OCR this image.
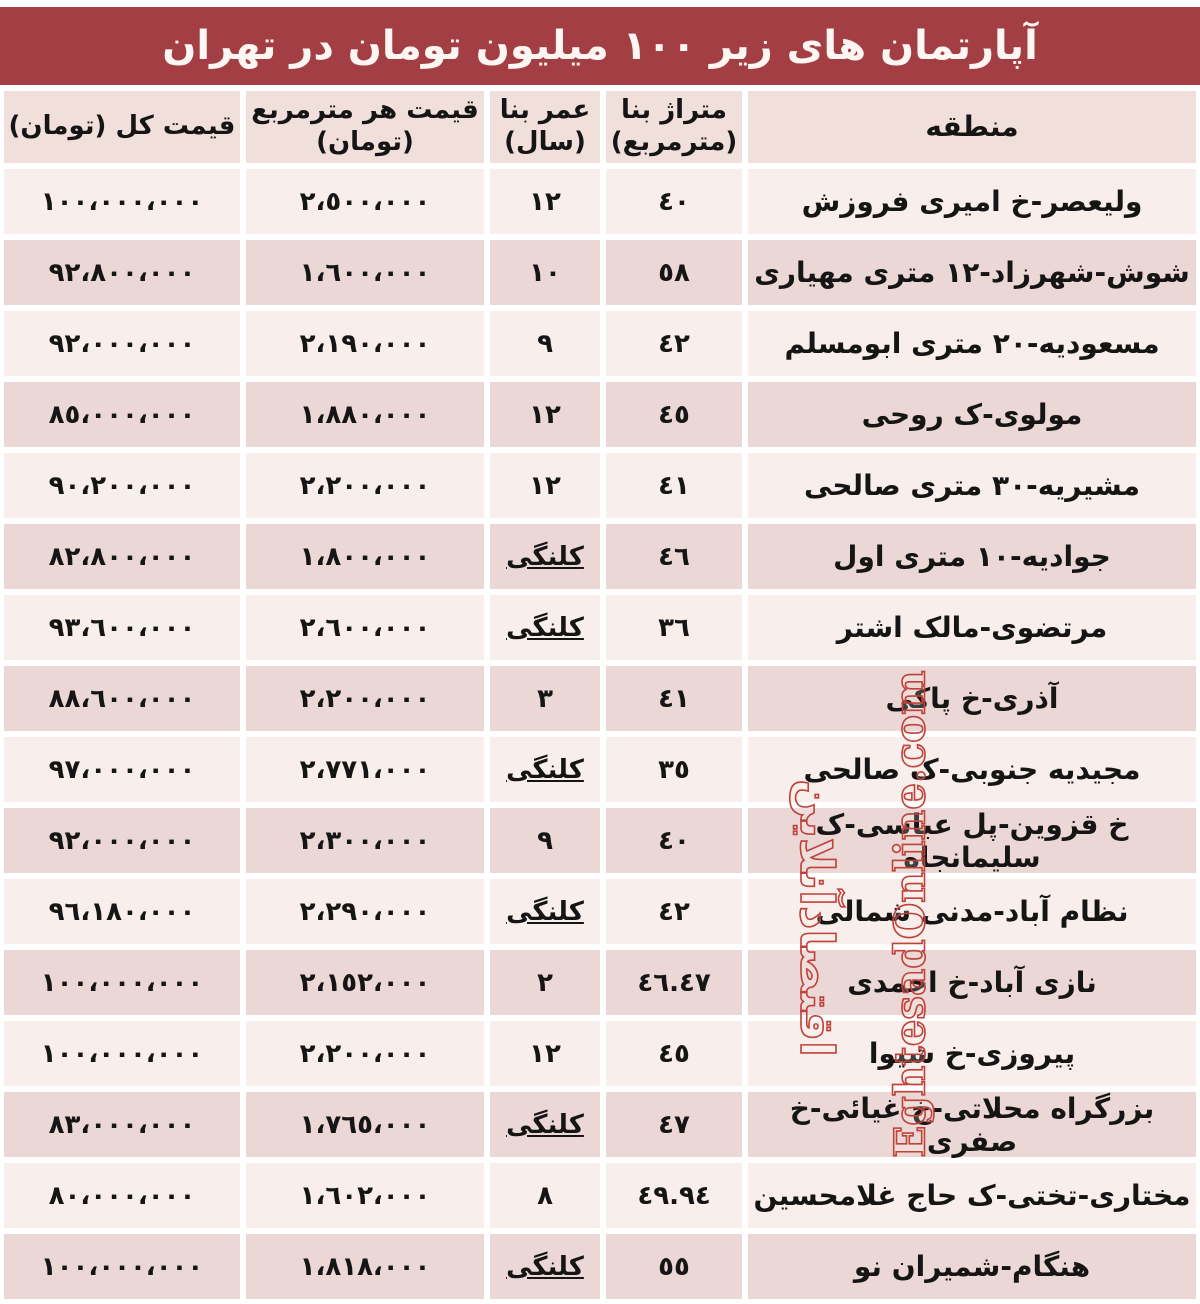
آپارتمان های زیر ١٠٠ میلیون تومان در تهران
منطقه
متراژ بنا
(مترمربع)
عمر بنا
(سال)
قیمت هر مترمربع
(تومان)
قیمت کل (تومان)
ولیعصر-خ امیری فروزش
٤٠
١٢
٢،٥٠٠،٠٠٠
١٠٠،٠٠٠،٠٠٠
شوش-شهرزاد-١٢ متری مهیاری
٥٨
١٠
١،٦٠٠،٠٠٠
٩٢،٨٠٠،٠٠٠
مسعودیه-٢٠ متری ابومسلم
٤٢
٩
٢،١٩٠،٠٠٠
٩٢،٠٠٠،٠٠٠
مولوی-ک روحی
٤٥
١٢
١،٨٨٠،٠٠٠
٨٥،٠٠٠،٠٠٠
مشیریه-٣٠ متری صالحی
٤١
١٢
٢،٢٠٠،٠٠٠
٩٠،٢٠٠،٠٠٠
جوادیه-١٠ متری اول
٤٦
کلنگی
١،٨٠٠،٠٠٠
٨٢،٨٠٠،٠٠٠
مرتضوی-مالک اشتر
٣٦
کلنگی
٢،٦٠٠،٠٠٠
٩٣،٦٠٠،٠٠٠
آذری-خ پاکی
٤١
٣
٢،٢٠٠،٠٠٠
٨٨،٦٠٠،٠٠٠
مجیدیه جنوبی-ک صالحی
٣٥
کلنگی
٢،٧٧١،٠٠٠
٩٧،٠٠٠،٠٠٠
خ قزوین-پل عباسی-ک سلیمانجاه
٤٠
٩
٢،٣٠٠،٠٠٠
٩٢،٠٠٠،٠٠٠
نظام آباد-مدنی شمالی
٤٢
کلنگی
٢،٢٩٠،٠٠٠
٩٦،١٨٠،٠٠٠
نازی آباد-خ احمدی
٤٦.٤٧
٢
٢،١٥٢،٠٠٠
١٠٠،٠٠٠،٠٠٠
پیروزی-خ شیوا
٤٥
١٢
٢،٢٠٠،٠٠٠
١٠٠،٠٠٠،٠٠٠
بزرگراه محلاتی-خ غیائی-خ صفری
٤٧
کلنگی
١،٧٦٥،٠٠٠
٨٣،٠٠٠،٠٠٠
مختاری-تختی-ک حاج غلامحسین
٤٩.٩٤
٨
١،٦٠٢،٠٠٠
٨٠،٠٠٠،٠٠٠
هنگام-شمیران نو
٥٥
کلنگی
١،٨١٨،٠٠٠
١٠٠،٠٠٠،٠٠٠
